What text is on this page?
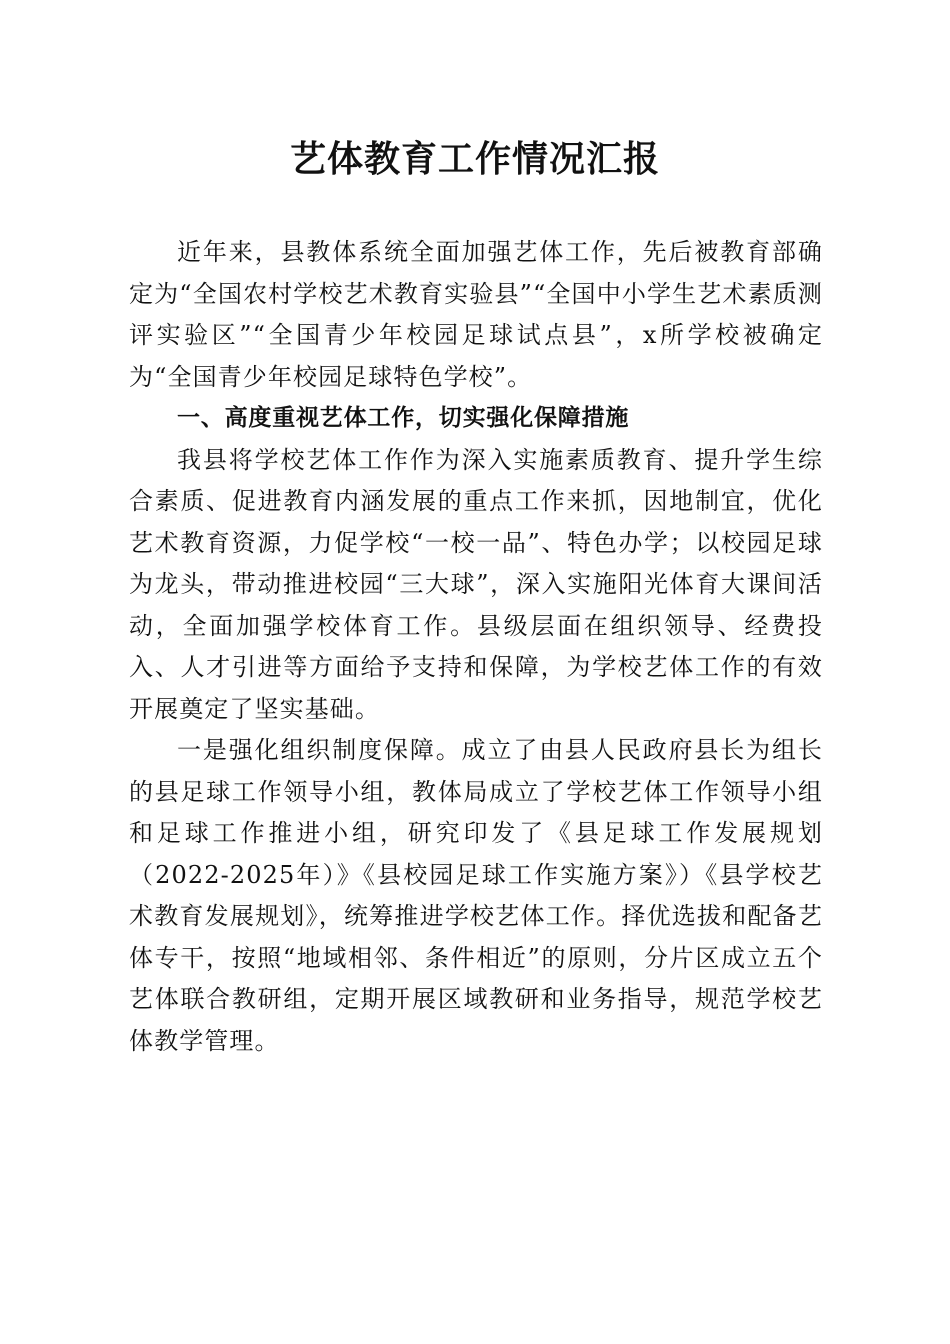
艺体教育工作情况汇报

近年来，县教体系统全面加强艺体工作，先后被教育部确定为“全国农村学校艺术教育实验县”“全国中小学生艺术素质测评实验区”“全国青少年校园足球试点县”，x所学校被确定为“全国青少年校园足球特色学校”。

一、高度重视艺体工作，切实强化保障措施

我县将学校艺体工作作为深入实施素质教育、提升学生综合素质、促进教育内涵发展的重点工作来抓，因地制宜，优化艺术教育资源，力促学校“一校一品”、特色办学；以校园足球为龙头，带动推进校园“三大球”，深入实施阳光体育大课间活动，全面加强学校体育工作。县级层面在组织领导、经费投入、人才引进等方面给予支持和保障，为学校艺体工作的有效开展奠定了坚实基础。

一是强化组织制度保障。成立了由县人民政府县长为组长的县足球工作领导小组，教体局成立了学校艺体工作领导小组和足球工作推进小组，研究印发了《县足球工作发展规划（2022-2025年）》《县校园足球工作实施方案》）《县学校艺术教育发展规划》，统筹推进学校艺体工作。择优选拔和配备艺体专干，按照“地域相邻、条件相近”的原则，分片区成立五个艺体联合教研组，定期开展区域教研和业务指导，规范学校艺体教学管理。
